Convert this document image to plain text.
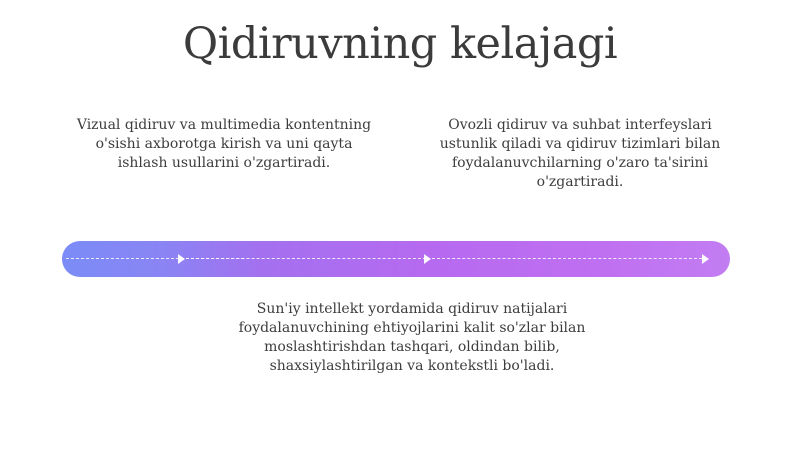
Qidiruvning kelajagi
Vizual qidiruv va multimedia kontentning o'sishi axborotga kirish va uni qayta ishlash usullarini o'zgartiradi.
Ovozli qidiruv va suhbat interfeyslari ustunlik qiladi va qidiruv tizimlari bilan foydalanuvchilarning o'zaro ta'sirini o'zgartiradi.
Sun'iy intellekt yordamida qidiruv natijalari foydalanuvchining ehtiyojlarini kalit so'zlar bilan moslashtirishdan tashqari, oldindan bilib, shaxsiylashtirilgan va kontekstli bo'ladi.
